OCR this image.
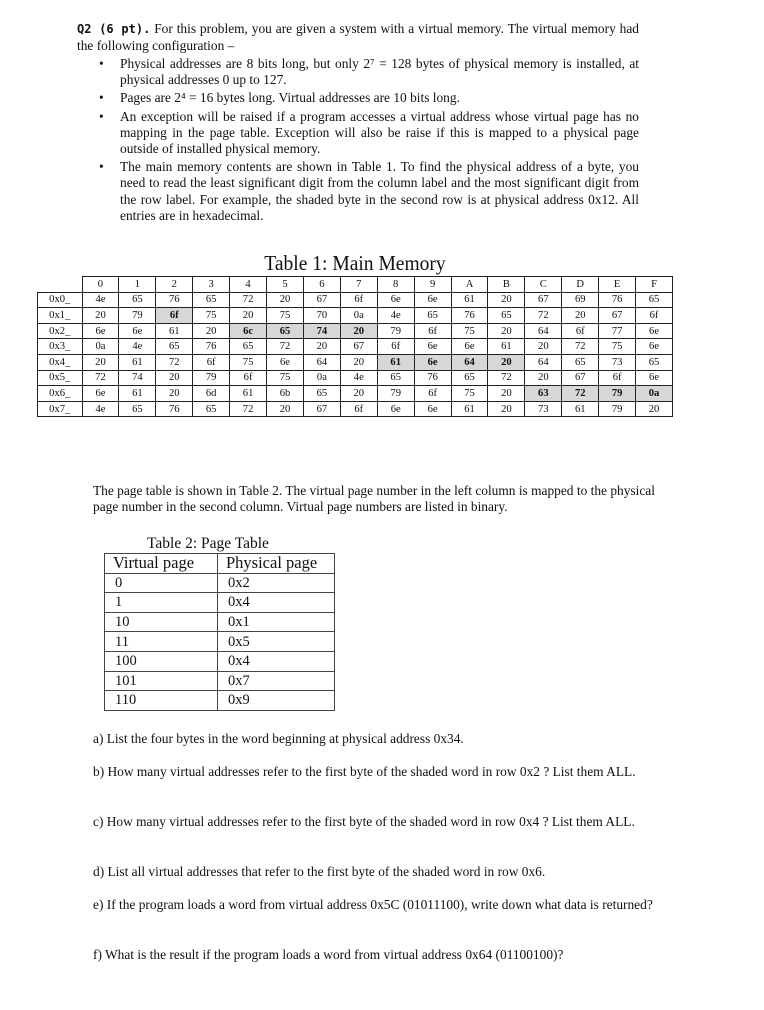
Q2 (6 pt). For this problem, you are given a system with a virtual memory. The virtual memory had the following configuration –
• Physical addresses are 8 bits long, but only 2⁷ = 128 bytes of physical memory is installed, at physical addresses 0 up to 127.
• Pages are 2⁴ = 16 bytes long. Virtual addresses are 10 bits long.
• An exception will be raised if a program accesses a virtual address whose virtual page has no mapping in the page table. Exception will also be raise if this is mapped to a physical page outside of installed physical memory.
• The main memory contents are shown in Table 1. To find the physical address of a byte, you need to read the least significant digit from the column label and the most significant digit from the row label. For example, the shaded byte in the second row is at physical address 0x12. All entries are in hexadecimal.
Table 1: Main Memory
	0	1	2	3	4	5	6	7	8	9	A	B	C	D	E	F
0x0_	4e	65	76	65	72	20	67	6f	6e	6e	61	20	67	69	76	65
0x1_	20	79	6f	75	20	75	70	0a	4e	65	76	65	72	20	67	6f
0x2_	6e	6e	61	20	6c	65	74	20	79	6f	75	20	64	6f	77	6e
0x3_	0a	4e	65	76	65	72	20	67	6f	6e	6e	61	20	72	75	6e
0x4_	20	61	72	6f	75	6e	64	20	61	6e	64	20	64	65	73	65
0x5_	72	74	20	79	6f	75	0a	4e	65	76	65	72	20	67	6f	6e
0x6_	6e	61	20	6d	61	6b	65	20	79	6f	75	20	63	72	79	0a
0x7_	4e	65	76	65	72	20	67	6f	6e	6e	61	20	73	61	79	20
The page table is shown in Table 2. The virtual page number in the left column is mapped to the physical page number in the second column. Virtual page numbers are listed in binary.
Table 2: Page Table
Virtual page	Physical page
0	0x2
1	0x4
10	0x1
11	0x5
100	0x4
101	0x7
110	0x9
a) List the four bytes in the word beginning at physical address 0x34.
b) How many virtual addresses refer to the first byte of the shaded word in row 0x2 ? List them ALL.
c) How many virtual addresses refer to the first byte of the shaded word in row 0x4 ? List them ALL.
d) List all virtual addresses that refer to the first byte of the shaded word in row 0x6.
e) If the program loads a word from virtual address 0x5C (01011100), write down what data is returned?
f) What is the result if the program loads a word from virtual address 0x64 (01100100)?
